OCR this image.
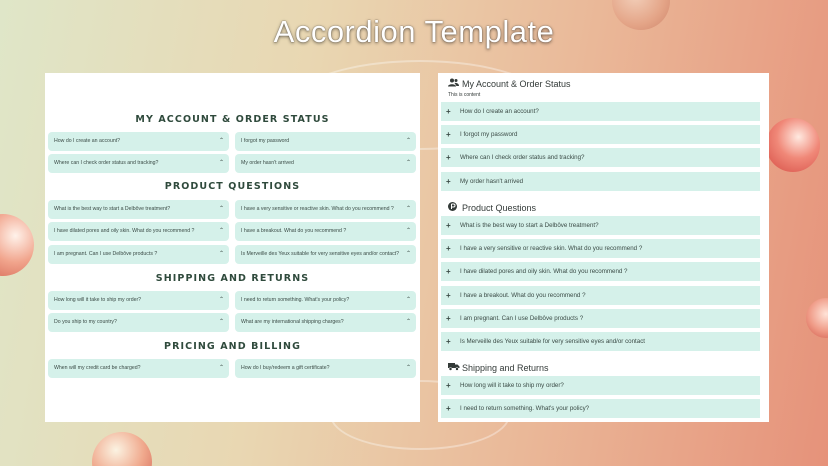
Accordion Template
MY ACCOUNT & ORDER STATUS
How do I create an account?	⌃	I forgot my password	⌃
Where can I check order status and tracking?	⌃	My order hasn't arrived	⌃
PRODUCT QUESTIONS
What is the best way to start a Delbôve treatment?	⌃	I have a very sensitive or reactive skin. What do you recommend ? ⌃
I have dilated pores and oily skin. What do you recommend ?	⌃	I have a breakout. What do you recommend ?	⌃
I am pregnant. Can I use Delbôve products ?	⌃	Is Merveille des Yeux suitable for very sensitive eyes and/or contact? ⌃
SHIPPING AND RETURNS
How long will it take to ship my order?	⌃	I need to return something. What's your policy?	⌃
Do you ship to my country?	⌃	What are my international shipping charges?	⌃
PRICING AND BILLING
When will my credit card be charged?	⌃	How do I buy/redeem a gift certificate?	⌃
My Account & Order Status
This is content
+ How do I create an account?
+ I forgot my password
+ Where can I check order status and tracking?
+ My order hasn't arrived
Product Questions
+ What is the best way to start a Delbôve treatment?
+ I have a very sensitive or reactive skin. What do you recommend ?
+ I have dilated pores and oily skin. What do you recommend ?
+ I have a breakout. What do you recommend ?
+ I am pregnant. Can I use Delbôve products ?
+ Is Merveille des Yeux suitable for very sensitive eyes and/or contact
Shipping and Returns
+ How long will it take to ship my order?
+ I need to return something. What's your policy?
